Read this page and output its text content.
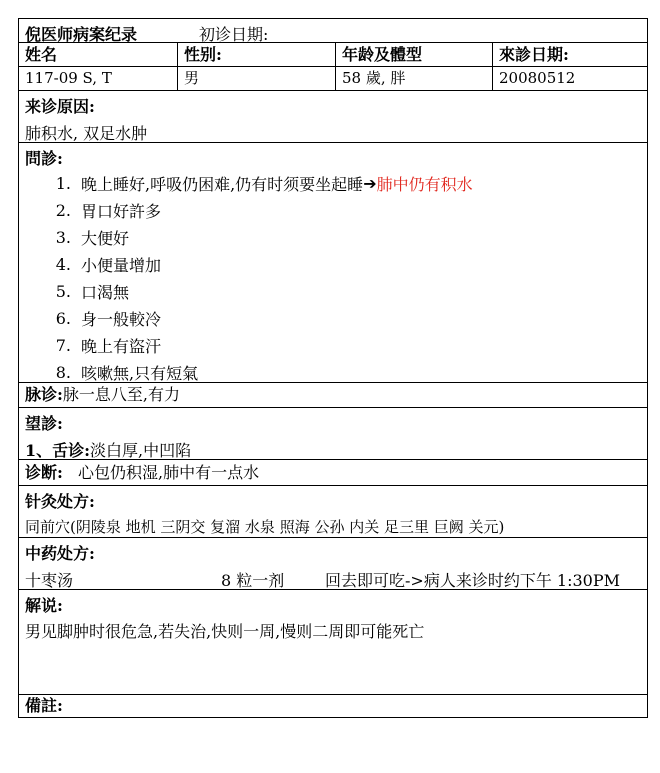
倪医师病案纪录	初诊日期:
姓名	性别:	年龄及體型	來診日期:
117-09 S, T	男	58 歲, 胖	20080512
来诊原因:
肺积水, 双足水肿
問診:
1. 晚上睡好,呼吸仍困难,仍有时须要坐起睡 ➔ 肺中仍有积水
2. 胃口好許多
3. 大便好
4. 小便量增加
5. 口渴無
6. 身一般較冷
7. 晚上有盜汗
8. 咳嗽無,只有短氣
脉诊:脉一息八至,有力
望診:
1、舌诊:淡白厚,中凹陷
诊断: 心包仍积湿,肺中有一点水
针灸处方:
同前穴(阴陵泉 地机 三阴交 复溜 水泉 照海 公孙 内关 足三里 巨阙 关元)
中药处方:
十枣汤	8 粒一剂	回去即可吃->病人来诊时约下午 1:30PM
解说:
男见脚肿时很危急,若失治,快则一周,慢则二周即可能死亡
備註:
